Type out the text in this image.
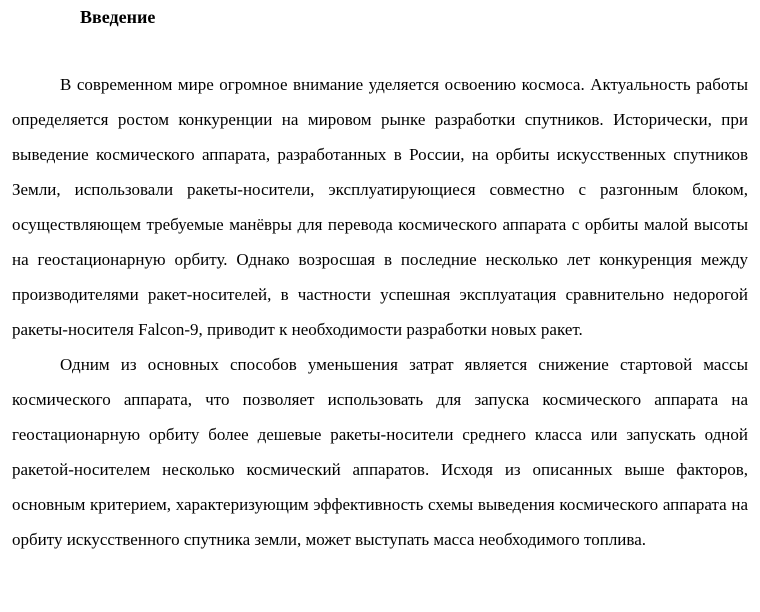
Введение

В современном мире огромное внимание уделяется освоению космоса. Актуальность работы определяется ростом конкуренции на мировом рынке разработки спутников. Исторически, при выведение космического аппарата, разработанных в России, на орбиты искусственных спутников Земли, использовали ракеты-носители, эксплуатирующиеся совместно с разгонным блоком, осуществляющем требуемые манёвры для перевода космического аппарата с орбиты малой высоты на геостационарную орбиту. Однако возросшая в последние несколько лет конкуренция между производителями ракет-носителей, в частности успешная эксплуатация сравнительно недорогой ракеты-носителя Falcon-9, приводит к необходимости разработки новых ракет.

Одним из основных способов уменьшения затрат является снижение стартовой массы космического аппарата, что позволяет использовать для запуска космического аппарата на геостационарную орбиту более дешевые ракеты-носители среднего класса или запускать одной ракетой-носителем несколько космический аппаратов. Исходя из описанных выше факторов, основным критерием, характеризующим эффективность схемы выведения космического аппарата на орбиту искусственного спутника земли, может выступать масса необходимого топлива.
